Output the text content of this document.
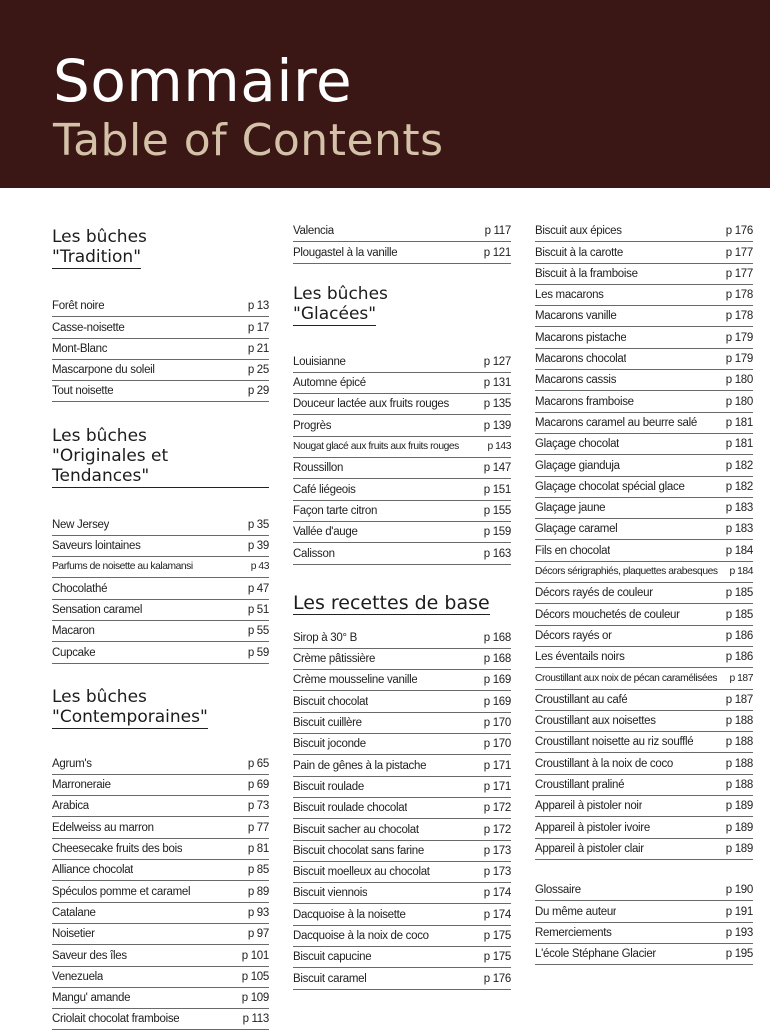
Sommaire
Table of Contents
Les bûches
"Tradition"
Forêt noire	p 13
Casse-noisette	p 17
Mont-Blanc	p 21
Mascarpone du soleil	p 25
Tout noisette	p 29
Les bûches
"Originales et Tendances"
New Jersey	p 35
Saveurs lointaines	p 39
Parfums de noisette au kalamansi	p 43
Chocolathé	p 47
Sensation caramel	p 51
Macaron	p 55
Cupcake	p 59
Les bûches
"Contemporaines"
Agrum's	p 65
Marroneraie	p 69
Arabica	p 73
Edelweiss au marron	p 77
Cheesecake fruits des bois	p 81
Alliance chocolat	p 85
Spéculos pomme et caramel	p 89
Catalane	p 93
Noisetier	p 97
Saveur des îles	p 101
Venezuela	p 105
Mangu' amande	p 109
Criolait chocolat framboise	p 113
Valencia	p 117
Plougastel à la vanille	p 121
Les bûches
"Glacées"
Louisianne	p 127
Automne épicé	p 131
Douceur lactée aux fruits rouges	p 135
Progrès	p 139
Nougat glacé aux fruits aux fruits rouges	p 143
Roussillon	p 147
Café liégeois	p 151
Façon tarte citron	p 155
Vallée d'auge	p 159
Calisson	p 163
Les recettes de base
Sirop à 30° B	p 168
Crème pâtissière	p 168
Crème mousseline vanille	p 169
Biscuit chocolat	p 169
Biscuit cuillère	p 170
Biscuit joconde	p 170
Pain de gênes à la pistache	p 171
Biscuit roulade	p 171
Biscuit roulade chocolat	p 172
Biscuit sacher au chocolat	p 172
Biscuit chocolat sans farine	p 173
Biscuit moelleux au chocolat	p 173
Biscuit viennois	p 174
Dacquoise à la noisette	p 174
Dacquoise à la noix de coco	p 175
Biscuit capucine	p 175
Biscuit caramel	p 176
Biscuit aux épices	p 176
Biscuit à la carotte	p 177
Biscuit à la framboise	p 177
Les macarons	p 178
Macarons vanille	p 178
Macarons pistache	p 179
Macarons chocolat	p 179
Macarons cassis	p 180
Macarons framboise	p 180
Macarons caramel au beurre salé	p 181
Glaçage chocolat	p 181
Glaçage gianduja	p 182
Glaçage chocolat spécial glace	p 182
Glaçage jaune	p 183
Glaçage caramel	p 183
Fils en chocolat	p 184
Décors sérigraphiés, plaquettes arabesques	p 184
Décors rayés de couleur	p 185
Décors mouchetés de couleur	p 185
Décors rayés or	p 186
Les éventails noirs	p 186
Croustillant aux noix de pécan caramélisées	p 187
Croustillant au café	p 187
Croustillant aux noisettes	p 188
Croustillant noisette au riz soufflé	p 188
Croustillant à la noix de coco	p 188
Croustillant praliné	p 188
Appareil à pistoler noir	p 189
Appareil à pistoler ivoire	p 189
Appareil à pistoler clair	p 189
Glossaire	p 190
Du même auteur	p 191
Remerciements	p 193
L'école Stéphane Glacier	p 195
